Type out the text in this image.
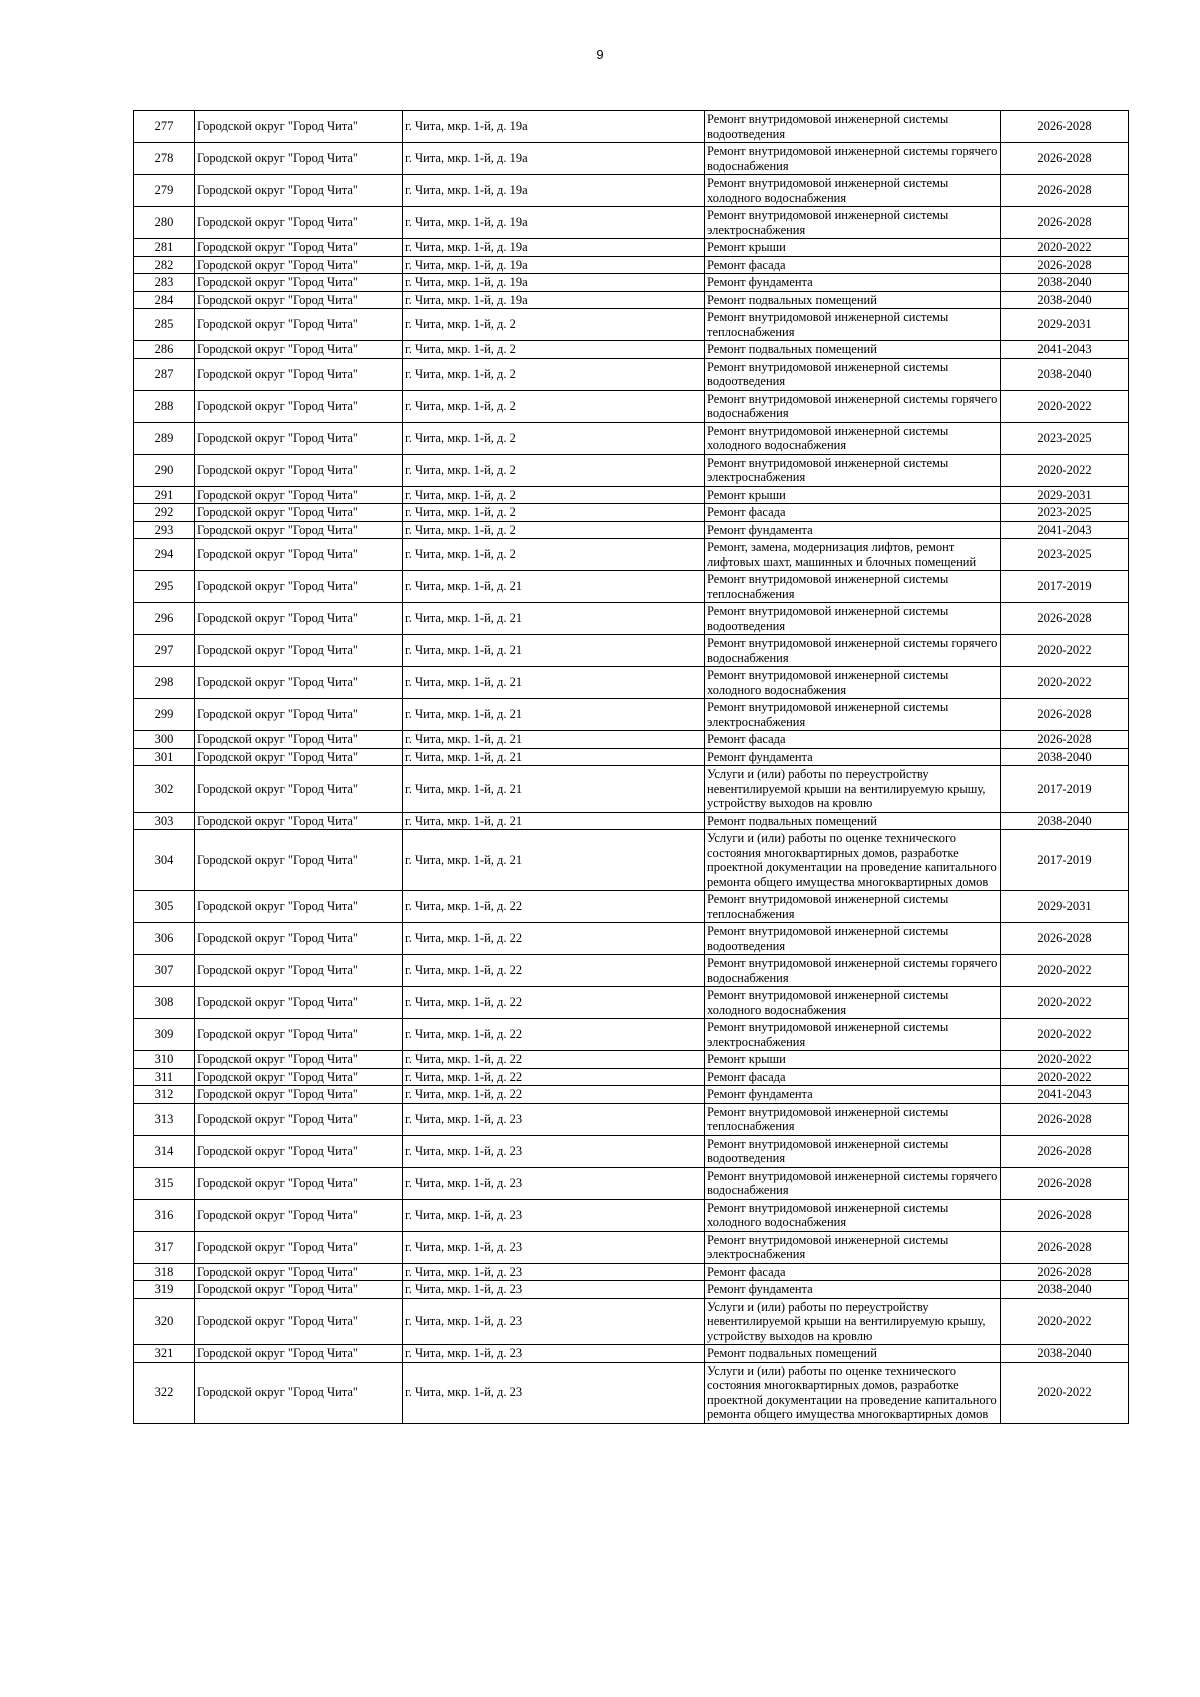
9
277	Городской округ "Город Чита"	г. Чита, мкр. 1-й, д. 19а	Ремонт внутридомовой инженерной системы водоотведения	2026-2028
278	Городской округ "Город Чита"	г. Чита, мкр. 1-й, д. 19а	Ремонт внутридомовой инженерной системы горячего водоснабжения	2026-2028
279	Городской округ "Город Чита"	г. Чита, мкр. 1-й, д. 19а	Ремонт внутридомовой инженерной системы холодного водоснабжения	2026-2028
280	Городской округ "Город Чита"	г. Чита, мкр. 1-й, д. 19а	Ремонт внутридомовой инженерной системы электроснабжения	2026-2028
281	Городской округ "Город Чита"	г. Чита, мкр. 1-й, д. 19а	Ремонт крыши	2020-2022
282	Городской округ "Город Чита"	г. Чита, мкр. 1-й, д. 19а	Ремонт фасада	2026-2028
283	Городской округ "Город Чита"	г. Чита, мкр. 1-й, д. 19а	Ремонт фундамента	2038-2040
284	Городской округ "Город Чита"	г. Чита, мкр. 1-й, д. 19а	Ремонт подвальных помещений	2038-2040
285	Городской округ "Город Чита"	г. Чита, мкр. 1-й, д. 2	Ремонт внутридомовой инженерной системы теплоснабжения	2029-2031
286	Городской округ "Город Чита"	г. Чита, мкр. 1-й, д. 2	Ремонт подвальных помещений	2041-2043
287	Городской округ "Город Чита"	г. Чита, мкр. 1-й, д. 2	Ремонт внутридомовой инженерной системы водоотведения	2038-2040
288	Городской округ "Город Чита"	г. Чита, мкр. 1-й, д. 2	Ремонт внутридомовой инженерной системы горячего водоснабжения	2020-2022
289	Городской округ "Город Чита"	г. Чита, мкр. 1-й, д. 2	Ремонт внутридомовой инженерной системы холодного водоснабжения	2023-2025
290	Городской округ "Город Чита"	г. Чита, мкр. 1-й, д. 2	Ремонт внутридомовой инженерной системы электроснабжения	2020-2022
291	Городской округ "Город Чита"	г. Чита, мкр. 1-й, д. 2	Ремонт крыши	2029-2031
292	Городской округ "Город Чита"	г. Чита, мкр. 1-й, д. 2	Ремонт фасада	2023-2025
293	Городской округ "Город Чита"	г. Чита, мкр. 1-й, д. 2	Ремонт фундамента	2041-2043
294	Городской округ "Город Чита"	г. Чита, мкр. 1-й, д. 2	Ремонт, замена, модернизация лифтов, ремонт лифтовых шахт, машинных и блочных помещений	2023-2025
295	Городской округ "Город Чита"	г. Чита, мкр. 1-й, д. 21	Ремонт внутридомовой инженерной системы теплоснабжения	2017-2019
296	Городской округ "Город Чита"	г. Чита, мкр. 1-й, д. 21	Ремонт внутридомовой инженерной системы водоотведения	2026-2028
297	Городской округ "Город Чита"	г. Чита, мкр. 1-й, д. 21	Ремонт внутридомовой инженерной системы горячего водоснабжения	2020-2022
298	Городской округ "Город Чита"	г. Чита, мкр. 1-й, д. 21	Ремонт внутридомовой инженерной системы холодного водоснабжения	2020-2022
299	Городской округ "Город Чита"	г. Чита, мкр. 1-й, д. 21	Ремонт внутридомовой инженерной системы электроснабжения	2026-2028
300	Городской округ "Город Чита"	г. Чита, мкр. 1-й, д. 21	Ремонт фасада	2026-2028
301	Городской округ "Город Чита"	г. Чита, мкр. 1-й, д. 21	Ремонт фундамента	2038-2040
302	Городской округ "Город Чита"	г. Чита, мкр. 1-й, д. 21	Услуги и (или) работы по переустройству невентилируемой крыши на вентилируемую крышу, устройству выходов на кровлю	2017-2019
303	Городской округ "Город Чита"	г. Чита, мкр. 1-й, д. 21	Ремонт подвальных помещений	2038-2040
304	Городской округ "Город Чита"	г. Чита, мкр. 1-й, д. 21	Услуги и (или) работы по оценке технического состояния многоквартирных домов, разработке проектной документации на проведение капитального ремонта общего имущества многоквартирных домов	2017-2019
305	Городской округ "Город Чита"	г. Чита, мкр. 1-й, д. 22	Ремонт внутридомовой инженерной системы теплоснабжения	2029-2031
306	Городской округ "Город Чита"	г. Чита, мкр. 1-й, д. 22	Ремонт внутридомовой инженерной системы водоотведения	2026-2028
307	Городской округ "Город Чита"	г. Чита, мкр. 1-й, д. 22	Ремонт внутридомовой инженерной системы горячего водоснабжения	2020-2022
308	Городской округ "Город Чита"	г. Чита, мкр. 1-й, д. 22	Ремонт внутридомовой инженерной системы холодного водоснабжения	2020-2022
309	Городской округ "Город Чита"	г. Чита, мкр. 1-й, д. 22	Ремонт внутридомовой инженерной системы электроснабжения	2020-2022
310	Городской округ "Город Чита"	г. Чита, мкр. 1-й, д. 22	Ремонт крыши	2020-2022
311	Городской округ "Город Чита"	г. Чита, мкр. 1-й, д. 22	Ремонт фасада	2020-2022
312	Городской округ "Город Чита"	г. Чита, мкр. 1-й, д. 22	Ремонт фундамента	2041-2043
313	Городской округ "Город Чита"	г. Чита, мкр. 1-й, д. 23	Ремонт внутридомовой инженерной системы теплоснабжения	2026-2028
314	Городской округ "Город Чита"	г. Чита, мкр. 1-й, д. 23	Ремонт внутридомовой инженерной системы водоотведения	2026-2028
315	Городской округ "Город Чита"	г. Чита, мкр. 1-й, д. 23	Ремонт внутридомовой инженерной системы горячего водоснабжения	2026-2028
316	Городской округ "Город Чита"	г. Чита, мкр. 1-й, д. 23	Ремонт внутридомовой инженерной системы холодного водоснабжения	2026-2028
317	Городской округ "Город Чита"	г. Чита, мкр. 1-й, д. 23	Ремонт внутридомовой инженерной системы электроснабжения	2026-2028
318	Городской округ "Город Чита"	г. Чита, мкр. 1-й, д. 23	Ремонт фасада	2026-2028
319	Городской округ "Город Чита"	г. Чита, мкр. 1-й, д. 23	Ремонт фундамента	2038-2040
320	Городской округ "Город Чита"	г. Чита, мкр. 1-й, д. 23	Услуги и (или) работы по переустройству невентилируемой крыши на вентилируемую крышу, устройству выходов на кровлю	2020-2022
321	Городской округ "Город Чита"	г. Чита, мкр. 1-й, д. 23	Ремонт подвальных помещений	2038-2040
322	Городской округ "Город Чита"	г. Чита, мкр. 1-й, д. 23	Услуги и (или) работы по оценке технического состояния многоквартирных домов, разработке проектной документации на проведение капитального ремонта общего имущества многоквартирных домов	2020-2022
